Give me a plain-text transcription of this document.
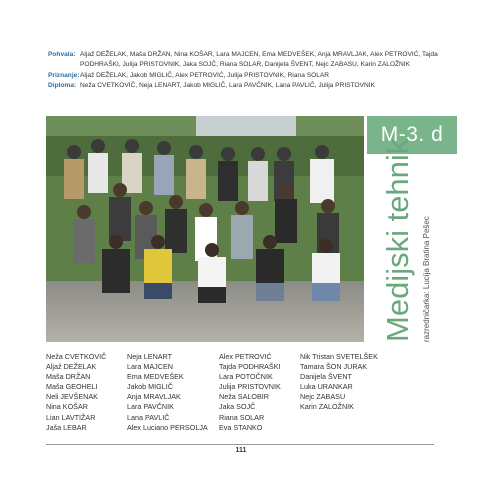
Pohvala: Aljaž DEŽELAK, Maša DRŽAN, Nina KOŠAR, Lara MAJCEN, Ema MEDVEŠEK, Anja MRAVLJAK, Alex PETROVIĆ, Tajda PODHRAŠKI, Julija PRISTOVNIK, Jaka SOJČ, Riana SOLAR, Danijela ŠVENT, Nejc ZABASU, Karin ZALOŽNIK
Priznanje: Aljaž DEŽELAK, Jakob MIGLIČ, Alex PETROVIĆ, Julija PRISTOVNIK, Riana SOLAR
Diploma: Neža CVETKOVIČ, Neja LENART, Jakob MIGLIČ, Lara PAVČNIK, Lana PAVLIČ, Julija PRISTOVNIK
M-3. d
Medijski tehnik razredničarka: Lucija Bratina Pešec
Neža CVETKOVIČ
Aljaž DEŽELAK
Maša DRŽAN
Maša GEOHELI
Neli JEVŠENAK
Nina KOŠAR
Lian LAVTIŽAR
Jaša LEBAR
Neja LENART
Lara MAJCEN
Ema MEDVEŠEK
Jakob MIGLIČ
Anja MRAVLJAK
Lara PAVČNIK
Lana PAVLIČ
Alex Luciano PERSOLJA
Alex PETROVIĆ
Tajda PODHRAŠKI
Lara POTOČNIK
Julija PRISTOVNIK
Neža SALOBIR
Jaka SOJČ
Riana SOLAR
Eva STANKO
Nik Tristan SVETELŠEK
Tamara ŠON JURAK
Danijela ŠVENT
Luka URANKAR
Nejc ZABASU
Karin ZALOŽNIK
111
